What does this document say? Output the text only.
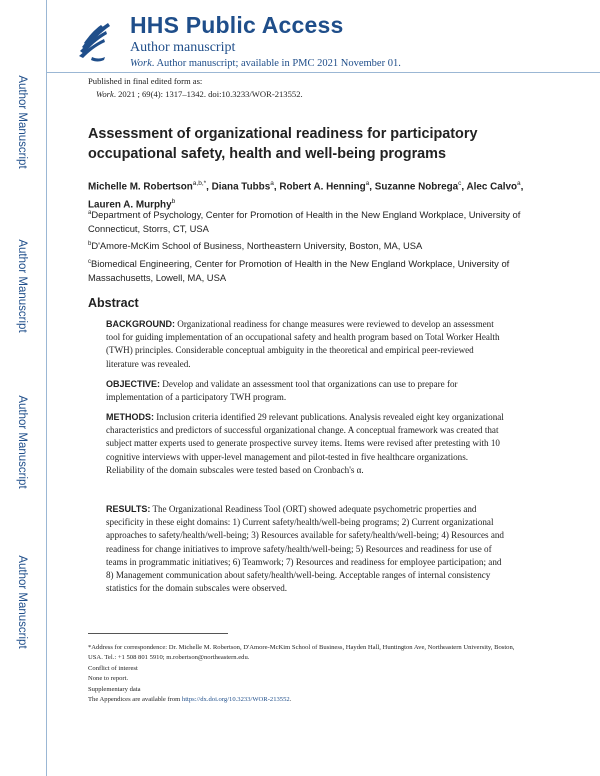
Author Manuscript
Author Manuscript
Author Manuscript
Author Manuscript
HHS Public Access
Author manuscript
Work. Author manuscript; available in PMC 2021 November 01.
Published in final edited form as:
Work. 2021 ; 69(4): 1317–1342. doi:10.3233/WOR-213552.
Assessment of organizational readiness for participatory occupational safety, health and well-being programs
Michelle M. Robertson$^{a,b,*}$, Diana Tubbs$^a$, Robert A. Henning$^a$, Suzanne Nobrega$^c$, Alec Calvo$^a$, Lauren A. Murphy$^b$
$^a$Department of Psychology, Center for Promotion of Health in the New England Workplace, University of Connecticut, Storrs, CT, USA
$^b$D'Amore-McKim School of Business, Northeastern University, Boston, MA, USA
$^c$Biomedical Engineering, Center for Promotion of Health in the New England Workplace, University of Massachusetts, Lowell, MA, USA
Abstract
BACKGROUND: Organizational readiness for change measures were reviewed to develop an assessment tool for guiding implementation of an occupational safety and health program based on Total Worker Health (TWH) principles. Considerable conceptual ambiguity in the theoretical and empirical peer-reviewed literature was revealed.
OBJECTIVE: Develop and validate an assessment tool that organizations can use to prepare for implementation of a participatory TWH program.
METHODS: Inclusion criteria identified 29 relevant publications. Analysis revealed eight key organizational characteristics and predictors of successful organizational change. A conceptual framework was created that subject matter experts used to generate prospective survey items. Items were revised after pretesting with 10 cognitive interviews with upper-level management and pilot-tested in five healthcare organizations. Reliability of the domain subscales were tested based on Cronbach's α.
RESULTS: The Organizational Readiness Tool (ORT) showed adequate psychometric properties and specificity in these eight domains: 1) Current safety/health/well-being programs; 2) Current organizational approaches to safety/health/well-being; 3) Resources available for safety/health/well-being; 4) Resources and readiness for change initiatives to improve safety/health/well-being; 5) Resources and readiness for use of teams in programmatic initiatives; 6) Teamwork; 7) Resources and readiness for employee participation; and 8) Management communication about safety/health/well-being. Acceptable ranges of internal consistency statistics for the domain subscales were observed.
*Address for correspondence: Dr. Michelle M. Robertson, D'Amore-McKim School of Business, Hayden Hall, Huntington Ave, Northeastern University, Boston, USA. Tel.: +1 508 801 5910; m.robertson@northeastern.edu.
Conflict of interest
None to report.
Supplementary data
The Appendices are available from https://dx.doi.org/10.3233/WOR-213552.
